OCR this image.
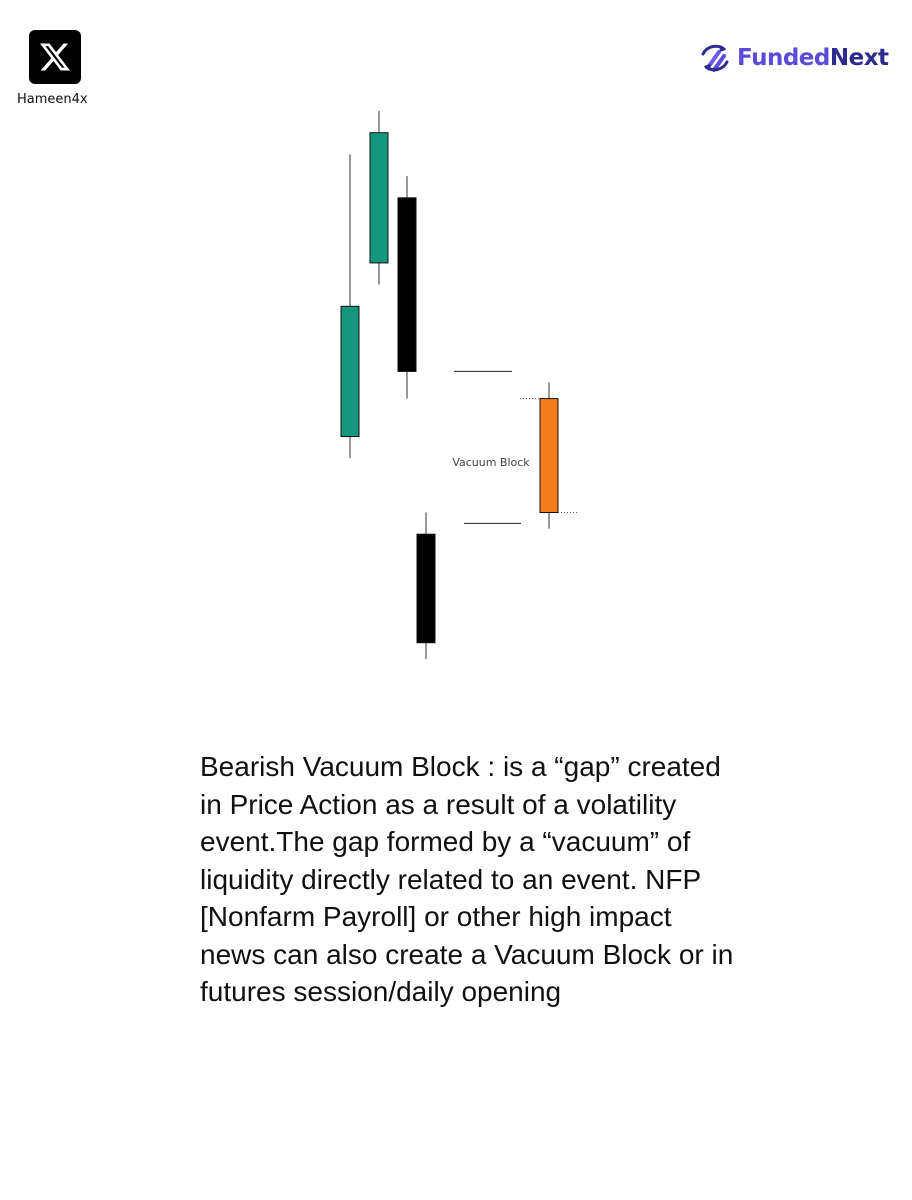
Hameen4x
FundedNext
Vacuum Block

Bearish Vacuum Block : is a “gap” created in Price Action as a result of a volatility event.The gap formed by a “vacuum” of liquidity directly related to an event. NFP [Nonfarm Payroll] or other high impact news can also create a Vacuum Block or in futures session/daily opening
